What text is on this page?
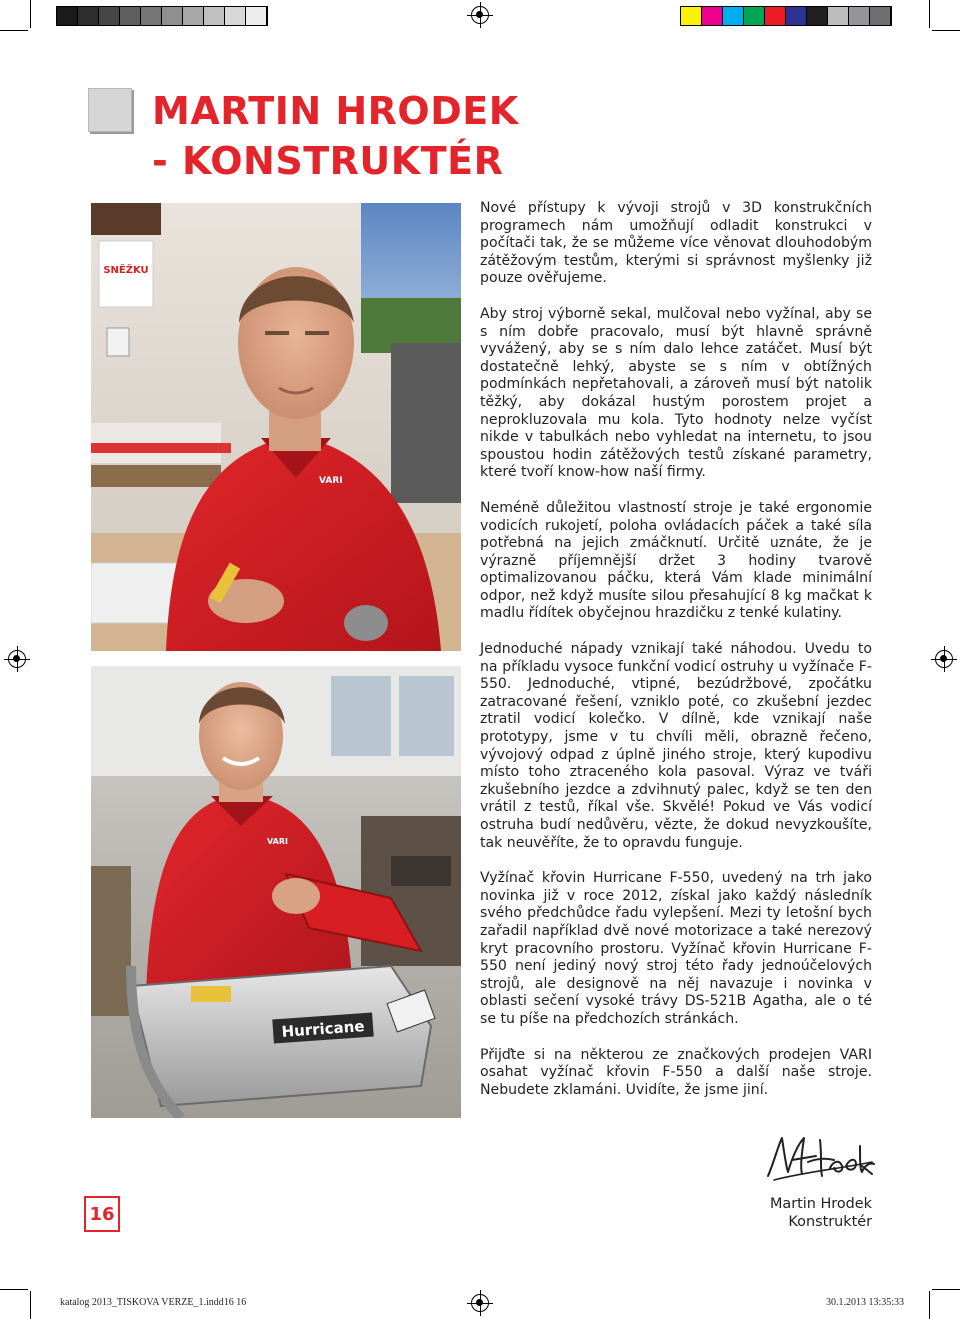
MARTIN HRODEK
- KONSTRUKTÉR
SNĚŽKU
VARI
VARI
Hurricane

Nové přístupy k vývoji strojů v 3D konstrukčních programech nám umožňují odladit konstrukci v počítači tak, že se můžeme více věnovat dlouhodobým zátěžovým testům, kterými si správnost myšlenky již pouze ověřujeme.

Aby stroj výborně sekal, mulčoval nebo vyžínal, aby se s ním dobře pracovalo, musí být hlavně správně vyvážený, aby se s ním dalo lehce zatáčet. Musí být dostatečně lehký, abyste se s ním v obtížných podmínkách nepřetahovali, a zároveň musí být natolik těžký, aby dokázal hustým porostem projet a neprokluzovala mu kola. Tyto hodnoty nelze vyčíst nikde v tabulkách nebo vyhledat na internetu, to jsou spoustou hodin zátěžových testů získané parametry, které tvoří know-how naší firmy.

Neméně důležitou vlastností stroje je také ergonomie vodicích rukojetí, poloha ovládacích páček a také síla potřebná na jejich zmáčknutí. Určitě uznáte, že je výrazně příjemnější držet 3 hodiny tvarově optimalizovanou páčku, která Vám klade minimální odpor, než když musíte silou přesahující 8 kg mačkat k madlu řídítek obyčejnou hrazdičku z tenké kulatiny.

Jednoduché nápady vznikají také náhodou. Uvedu to na příkladu vysoce funkční vodicí ostruhy u vyžínače F-550. Jednoduché, vtipné, bezúdržbové, zpočátku zatracované řešení, vzniklo poté, co zkušební jezdec ztratil vodicí kolečko. V dílně, kde vznikají naše prototypy, jsme v tu chvíli měli, obrazně řečeno, vývojový odpad z úplně jiného stroje, který kupodivu místo toho ztraceného kola pasoval. Výraz ve tváři zkušebního jezdce a zdvihnutý palec, když se ten den vrátil z testů, říkal vše. Skvělé! Pokud ve Vás vodicí ostruha budí nedůvěru, vězte, že dokud nevyzkoušíte, tak neuvěříte, že to opravdu funguje.

Vyžínač křovin Hurricane F-550, uvedený na trh jako novinka již v roce 2012, získal jako každý následník svého předchůdce řadu vylepšení. Mezi ty letošní bych zařadil například dvě nové motorizace a také nerezový kryt pracovního prostoru. Vyžínač křovin Hurricane F-550 není jediný nový stroj této řady jednoúčelových strojů, ale designově na něj navazuje i novinka v oblasti sečení vysoké trávy DS-521B Agatha, ale o té se tu píše na předchozích stránkách.

Přijďte si na některou ze značkových prodejen VARI osahat vyžínač křovin F-550 a další naše stroje. Nebudete zklamáni. Uvidíte, že jsme jiní.

Martin Hrodek
Konstruktér
16
katalog 2013_TISKOVA VERZE_1.indd16 16	30.1.2013 13:35:33
